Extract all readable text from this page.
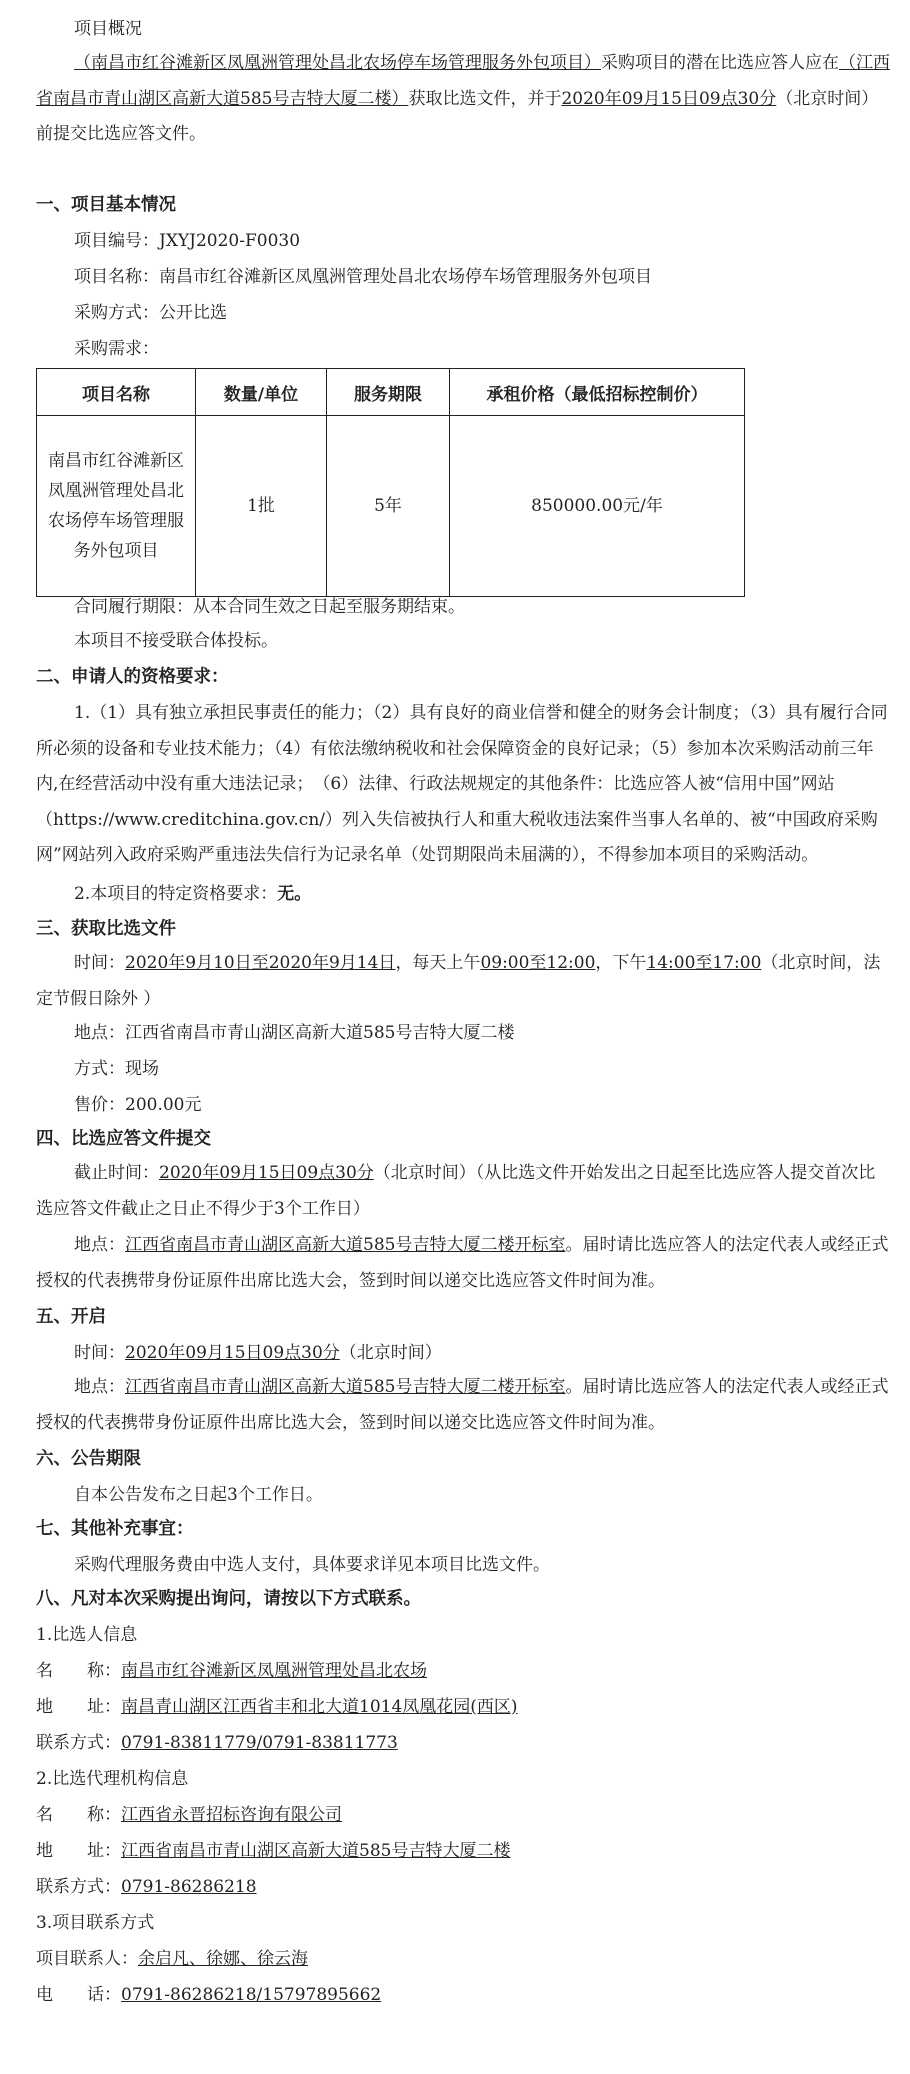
项目概况
（南昌市红谷滩新区凤凰洲管理处昌北农场停车场管理服务外包项目）采购项目的潜在比选应答人应在（江西省南昌市青山湖区高新大道585号吉特大厦二楼）获取比选文件，并于2020年09月15日09点30分（北京时间）前提交比选应答文件。
一、项目基本情况
项目编号：JXYJ2020-F0030
项目名称：南昌市红谷滩新区凤凰洲管理处昌北农场停车场管理服务外包项目
采购方式：公开比选
采购需求：
项目名称	数量/单位	服务期限	承租价格（最低招标控制价）
南昌市红谷滩新区凤凰洲管理处昌北农场停车场管理服务外包项目	1批	5年	850000.00元/年
合同履行期限：从本合同生效之日起至服务期结束。
本项目不接受联合体投标。
二、申请人的资格要求：
1.（1）具有独立承担民事责任的能力；（2）具有良好的商业信誉和健全的财务会计制度；（3）具有履行合同所必须的设备和专业技术能力；（4）有依法缴纳税收和社会保障资金的良好记录；（5）参加本次采购活动前三年内,在经营活动中没有重大违法记录；　（6）法律、行政法规规定的其他条件：比选应答人被“信用中国”网站（https://www.creditchina.gov.cn/）列入失信被执行人和重大税收违法案件当事人名单的、被“中国政府采购网”网站列入政府采购严重违法失信行为记录名单（处罚期限尚未届满的），不得参加本项目的采购活动。
2.本项目的特定资格要求：无。
三、获取比选文件
时间：2020年9月10日至2020年9月14日，每天上午09:00至12:00，下午14:00至17:00（北京时间，法定节假日除外 ）
地点：江西省南昌市青山湖区高新大道585号吉特大厦二楼
方式：现场
售价：200.00元
四、比选应答文件提交
截止时间：2020年09月15日09点30分（北京时间）（从比选文件开始发出之日起至比选应答人提交首次比选应答文件截止之日止不得少于3个工作日）
地点：江西省南昌市青山湖区高新大道585号吉特大厦二楼开标室。届时请比选应答人的法定代表人或经正式授权的代表携带身份证原件出席比选大会，签到时间以递交比选应答文件时间为准。
五、开启
时间：2020年09月15日09点30分（北京时间）
地点：江西省南昌市青山湖区高新大道585号吉特大厦二楼开标室。届时请比选应答人的法定代表人或经正式授权的代表携带身份证原件出席比选大会，签到时间以递交比选应答文件时间为准。
六、公告期限
自本公告发布之日起3个工作日。
七、其他补充事宜：
采购代理服务费由中选人支付，具体要求详见本项目比选文件。
八、凡对本次采购提出询问，请按以下方式联系。
1.比选人信息
名　　称：南昌市红谷滩新区凤凰洲管理处昌北农场
地　　址：南昌青山湖区江西省丰和北大道1014凤凰花园(西区)
联系方式：0791-83811779/0791-83811773
2.比选代理机构信息
名　　称：江西省永晋招标咨询有限公司
地　　址：江西省南昌市青山湖区高新大道585号吉特大厦二楼
联系方式：0791-86286218
3.项目联系方式
项目联系人：余启凡、徐娜、徐云海
电　　话：0791-86286218/15797895662
